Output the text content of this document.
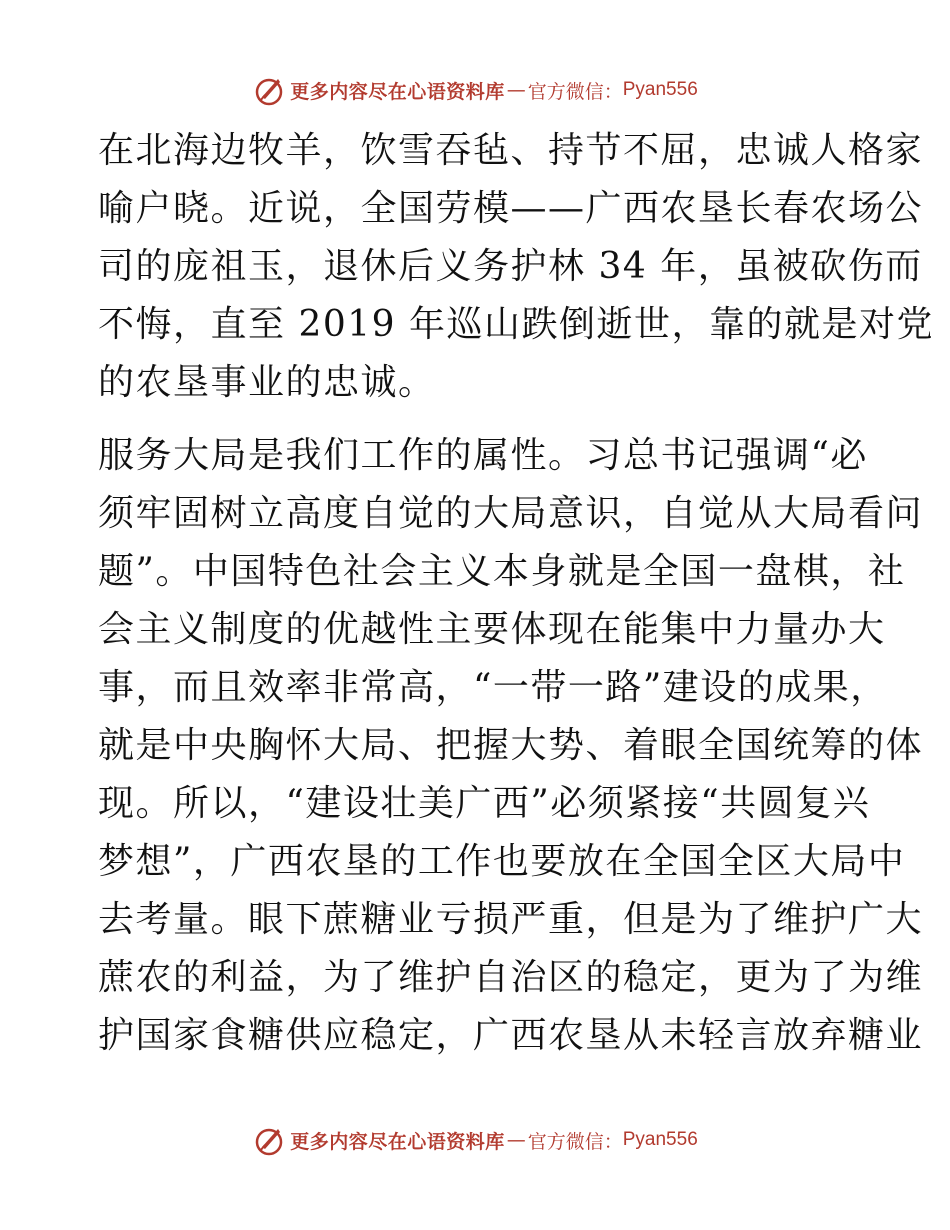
更多内容尽在心语资料库 — 官方微信： Pyan556

在北海边牧羊，饮雪吞毡、持节不屈，忠诚人格家
喻户晓。近说，全国劳模——广西农垦长春农场公
司的庞祖玉，退休后义务护林 34 年，虽被砍伤而
不悔，直至 2019 年巡山跌倒逝世，靠的就是对党
的农垦事业的忠诚。

服务大局是我们工作的属性。习总书记强调“必
须牢固树立高度自觉的大局意识，自觉从大局看问
题”。中国特色社会主义本身就是全国一盘棋，社
会主义制度的优越性主要体现在能集中力量办大
事，而且效率非常高，“一带一路”建设的成果，
就是中央胸怀大局、把握大势、着眼全国统筹的体
现。所以，“建设壮美广西”必须紧接“共圆复兴
梦想”，广西农垦的工作也要放在全国全区大局中
去考量。眼下蔗糖业亏损严重，但是为了维护广大
蔗农的利益，为了维护自治区的稳定，更为了为维
护国家食糖供应稳定，广西农垦从未轻言放弃糖业

更多内容尽在心语资料库 — 官方微信： Pyan556
